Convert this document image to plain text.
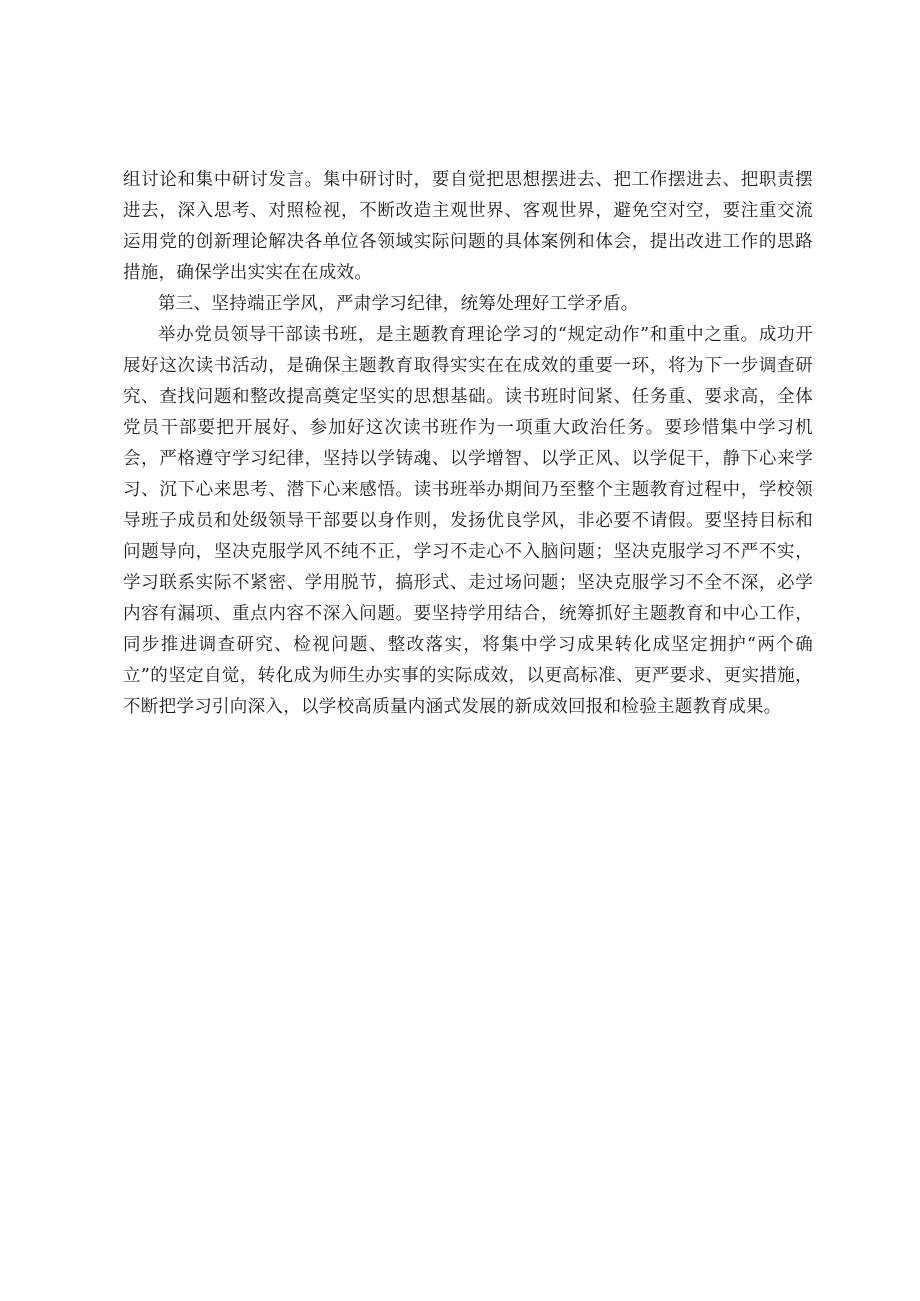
组讨论和集中研讨发言。集中研讨时，要自觉把思想摆进去、把工作摆进去、把职责摆进去，深入思考、对照检视，不断改造主观世界、客观世界，避免空对空，要注重交流运用党的创新理论解决各单位各领域实际问题的具体案例和体会，提出改进工作的思路措施，确保学出实实在在成效。

第三、坚持端正学风，严肃学习纪律，统筹处理好工学矛盾。

举办党员领导干部读书班，是主题教育理论学习的“规定动作”和重中之重。成功开展好这次读书活动，是确保主题教育取得实实在在成效的重要一环，将为下一步调查研究、查找问题和整改提高奠定坚实的思想基础。读书班时间紧、任务重、要求高，全体党员干部要把开展好、参加好这次读书班作为一项重大政治任务。要珍惜集中学习机会，严格遵守学习纪律，坚持以学铸魂、以学增智、以学正风、以学促干，静下心来学习、沉下心来思考、潜下心来感悟。读书班举办期间乃至整个主题教育过程中，学校领导班子成员和处级领导干部要以身作则，发扬优良学风，非必要不请假。要坚持目标和问题导向，坚决克服学风不纯不正，学习不走心不入脑问题；坚决克服学习不严不实，学习联系实际不紧密、学用脱节，搞形式、走过场问题；坚决克服学习不全不深，必学内容有漏项、重点内容不深入问题。要坚持学用结合，统筹抓好主题教育和中心工作，同步推进调查研究、检视问题、整改落实，将集中学习成果转化成坚定拥护“两个确立”的坚定自觉，转化成为师生办实事的实际成效，以更高标准、更严要求、更实措施，不断把学习引向深入，以学校高质量内涵式发展的新成效回报和检验主题教育成果。
